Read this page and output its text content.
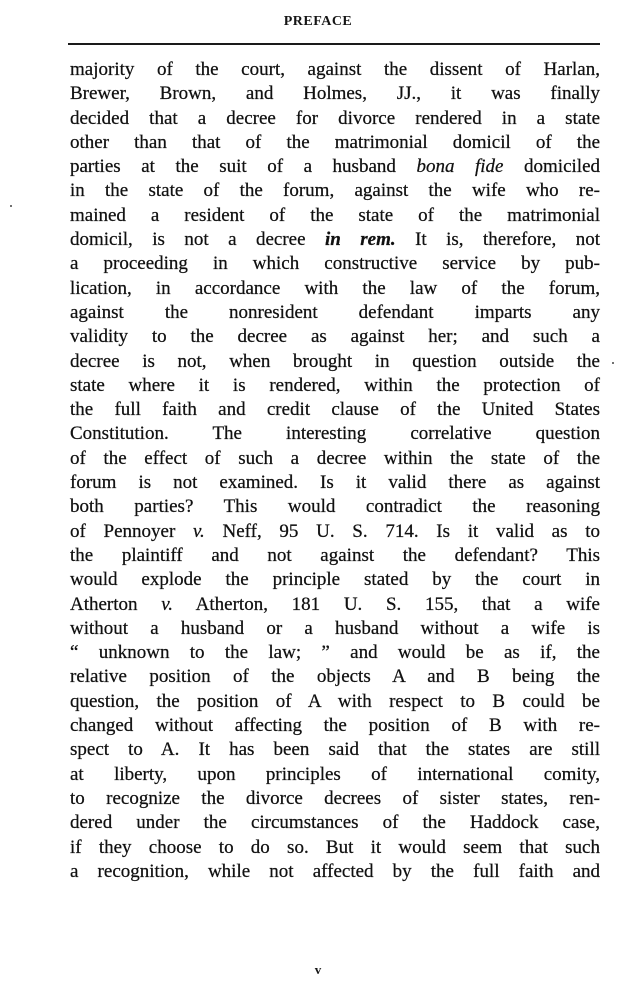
PREFACE
majority of the court, against the dissent of Harlan,
Brewer, Brown, and Holmes, JJ., it was finally
decided that a decree for divorce rendered in a state
other than that of the matrimonial domicil of the
parties at the suit of a husband bona fide domiciled
in the state of the forum, against the wife who re-
mained a resident of the state of the matrimonial
domicil, is not a decree in rem. It is, therefore, not
a proceeding in which constructive service by pub-
lication, in accordance with the law of the forum,
against the nonresident defendant imparts any
validity to the decree as against her; and such a
decree is not, when brought in question outside the
state where it is rendered, within the protection of
the full faith and credit clause of the United States
Constitution. The interesting correlative question
of the effect of such a decree within the state of the
forum is not examined. Is it valid there as against
both parties? This would contradict the reasoning
of Pennoyer v. Neff, 95 U. S. 714. Is it valid as to
the plaintiff and not against the defendant? This
would explode the principle stated by the court in
Atherton v. Atherton, 181 U. S. 155, that a wife
without a husband or a husband without a wife is
“ unknown to the law; ” and would be as if, the
relative position of the objects A and B being the
question, the position of A with respect to B could be
changed without affecting the position of B with re-
spect to A. It has been said that the states are still
at liberty, upon principles of international comity,
to recognize the divorce decrees of sister states, ren-
dered under the circumstances of the Haddock case,
if they choose to do so. But it would seem that such
a recognition, while not affected by the full faith and
v
